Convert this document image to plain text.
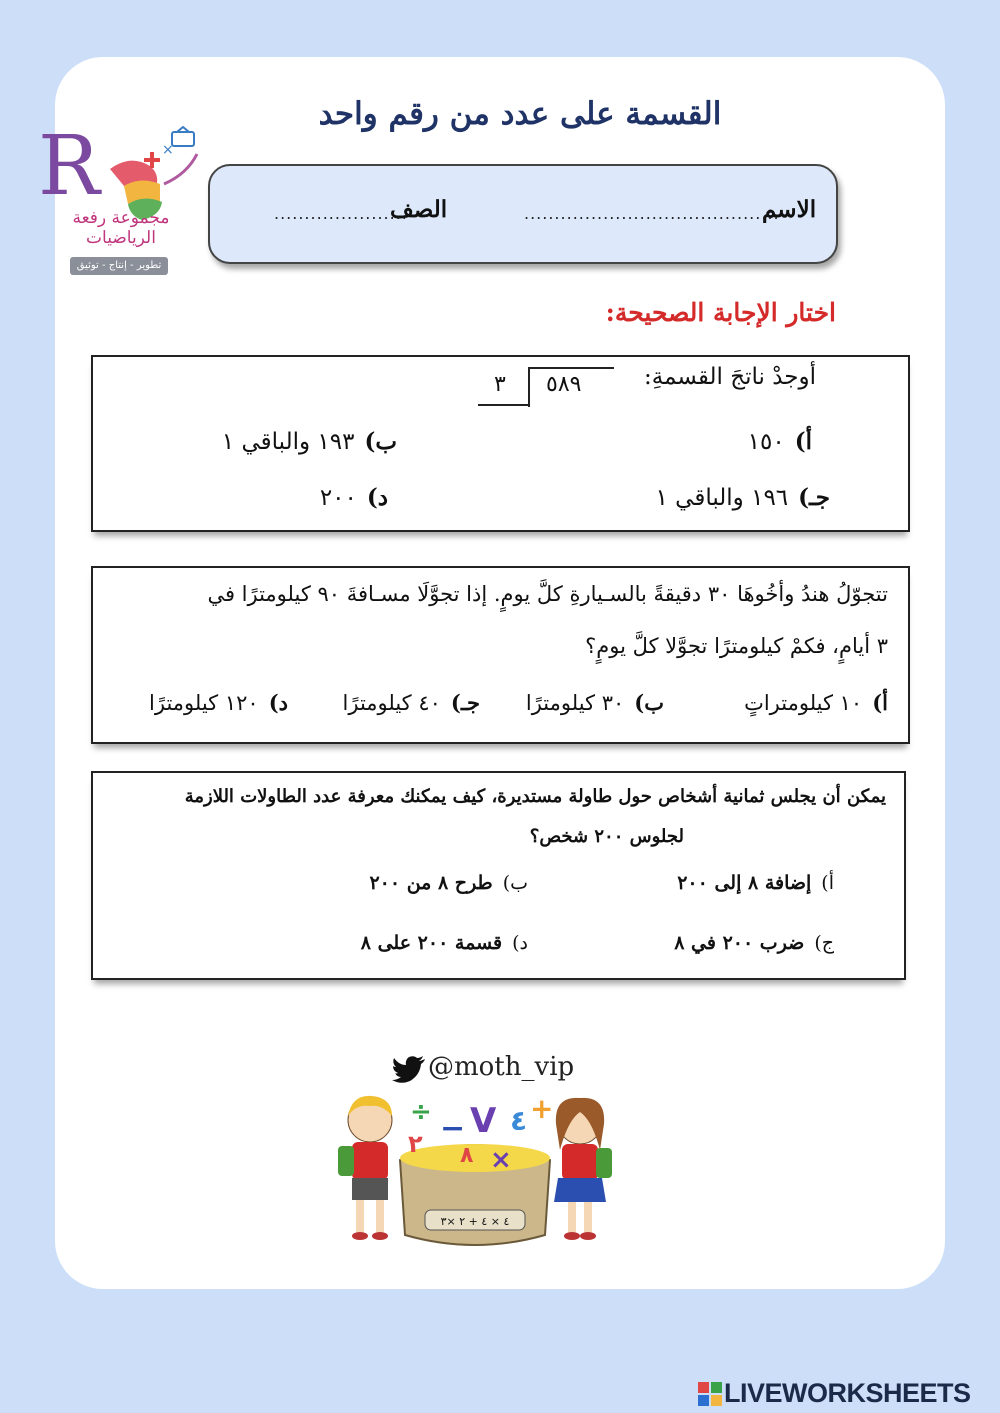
القسمة على عدد من رقم واحد
R	×
مجموعة رفعة الرياضيات
تطوير - إنتاج - توثيق
الاسم
..........................................
الصف
......................
اختار الإجابة الصحيحة:
أوجدْ ناتجَ القسمةِ:
٥٨٩
٣
أ)١٥٠
ب)١٩٣ والباقي ١
جـ)١٩٦ والباقي ١
د)٢٠٠
تتجوّلُ هندُ وأخُوهَا ٣٠ دقيقةً بالسـيارةِ كلَّ يومٍ. إذا تجوَّلَا مسـافةَ ٩٠ كيلومترًا في
٣ أيامٍ، فكمْ كيلومترًا تجوَّلا كلَّ يومٍ؟
أ)١٠ كيلومتراتٍ
ب)٣٠ كيلومترًا
جـ)٤٠ كيلومترًا
د)١٢٠ كيلومترًا
يمكن أن يجلس ثمانية أشخاص حول طاولة مستديرة، كيف يمكنك معرفة عدد الطاولات اللازمة
لجلوس ٢٠٠ شخص؟
أ)إضافة ٨ إلى ٢٠٠
ب)طرح ٨ من ٢٠٠
ج)ضرب ٢٠٠ في ٨
د)قسمة ٢٠٠ على ٨
@moth_vip
٤ × ٤ + ٢ ×٣
÷ − V ٤ +
٢ ٨ ×
LIVEWORKSHEETS
